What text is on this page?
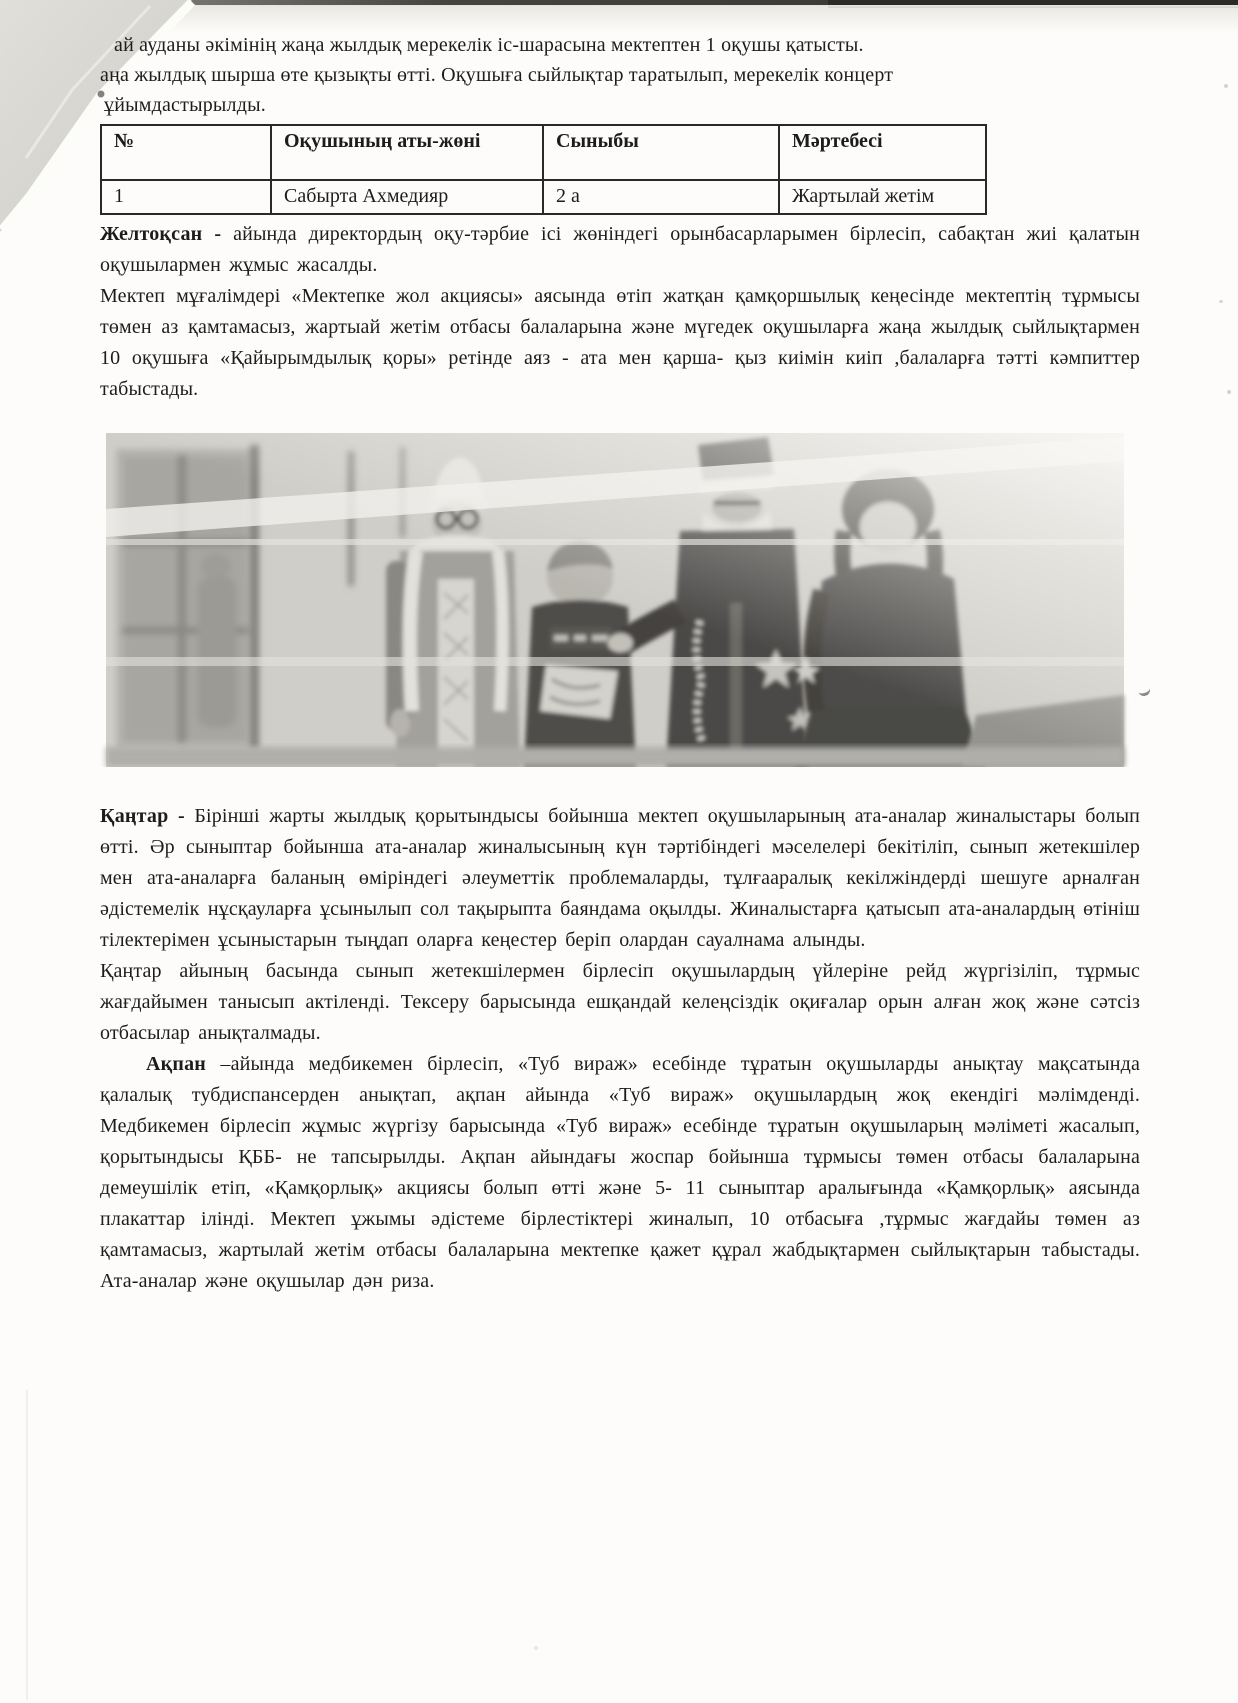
ай ауданы әкімінің жаңа жылдық мерекелік іс-шарасына мектептен 1 оқушы қатысты.
аңа жылдық шырша өте қызықты өтті. Оқушыға сыйлықтар таратылып, мерекелік концерт
ұйымдастырылды.
№	Оқушының аты-жөні	Сыныбы	Мәртебесі
1	Сабырта Ахмедияр	2 а	Жартылай жетім

Желтоқсан - айында директордың оқу-тәрбие ісі жөніндегі орынбасарларымен бірлесіп, сабақтан жиі қалатын оқушылармен жұмыс жасалды.

Мектеп мұғалімдері «Мектепке жол акциясы» аясында өтіп жатқан қамқоршылық кеңесінде мектептің тұрмысы төмен аз қамтамасыз, жартыай жетім отбасы балаларына және мүгедек оқушыларға жаңа жылдық сыйлықтармен 10 оқушыға «Қайырымдылық қоры» ретінде аяз - ата мен қарша- қыз киімін киіп ,балаларға тәтті кәмпиттер табыстады.

Қаңтар - Бірінші жарты жылдық қорытындысы бойынша мектеп оқушыларының ата-аналар жиналыстары болып өтті. Әр сыныптар бойынша ата-аналар жиналысының күн тәртібіндегі мәселелері бекітіліп, сынып жетекшілер мен ата-аналарға баланың өміріндегі әлеуметтік проблемаларды, тұлғааралық кекілжіндерді шешуге арналған әдістемелік нұсқауларға ұсынылып сол тақырыпта баяндама оқылды. Жиналыстарға қатысып ата-аналардың өтініш тілектерімен ұсыныстарын тыңдап оларға кеңестер беріп олардан сауалнама алынды.

Қаңтар айының басында сынып жетекшілермен бірлесіп оқушылардың үйлеріне рейд жүргізіліп, тұрмыс жағдайымен танысып актіленді. Тексеру барысында ешқандай келеңсіздік оқиғалар орын алған жоқ және сәтсіз отбасылар анықталмады.

Ақпан –айында медбикемен бірлесіп, «Туб вираж» есебінде тұратын оқушыларды анықтау мақсатында қалалық тубдиспансерден анықтап, ақпан айында «Туб вираж» оқушылардың жоқ екендігі мәлімденді. Медбикемен бірлесіп жұмыс жүргізу барысында «Туб вираж» есебінде тұратын оқушыларың мәліметі жасалып, қорытындысы ҚББ- не тапсырылды. Ақпан айындағы жоспар бойынша тұрмысы төмен отбасы балаларына демеушілік етіп, «Қамқорлық» акциясы болып өтті және 5- 11 сыныптар аралығында «Қамқорлық» аясында плакаттар ілінді. Мектеп ұжымы әдістеме бірлестіктері жиналып, 10 отбасыға ,тұрмыс жағдайы төмен аз қамтамасыз, жартылай жетім отбасы балаларына мектепке қажет құрал жабдықтармен сыйлықтарын табыстады. Ата-аналар және оқушылар дән риза.
